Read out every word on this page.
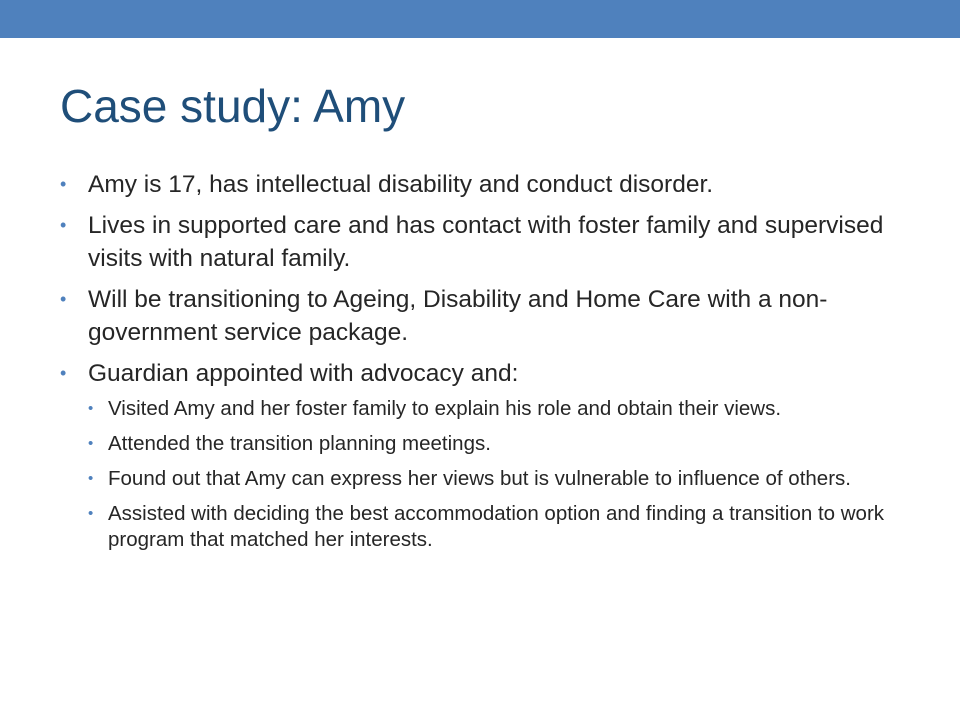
Case study: Amy
• Amy is 17, has intellectual disability and conduct disorder.
• Lives in supported care and has contact with foster family and supervised visits with natural family.
• Will be transitioning to Ageing, Disability and Home Care with a non-government service package.
• Guardian appointed with advocacy and:
• Visited Amy and her foster family to explain his role and obtain their views.
• Attended the transition planning meetings.
• Found out that Amy can express her views but is vulnerable to influence of others.
• Assisted with deciding the best accommodation option and finding a transition to work program that matched her interests.
